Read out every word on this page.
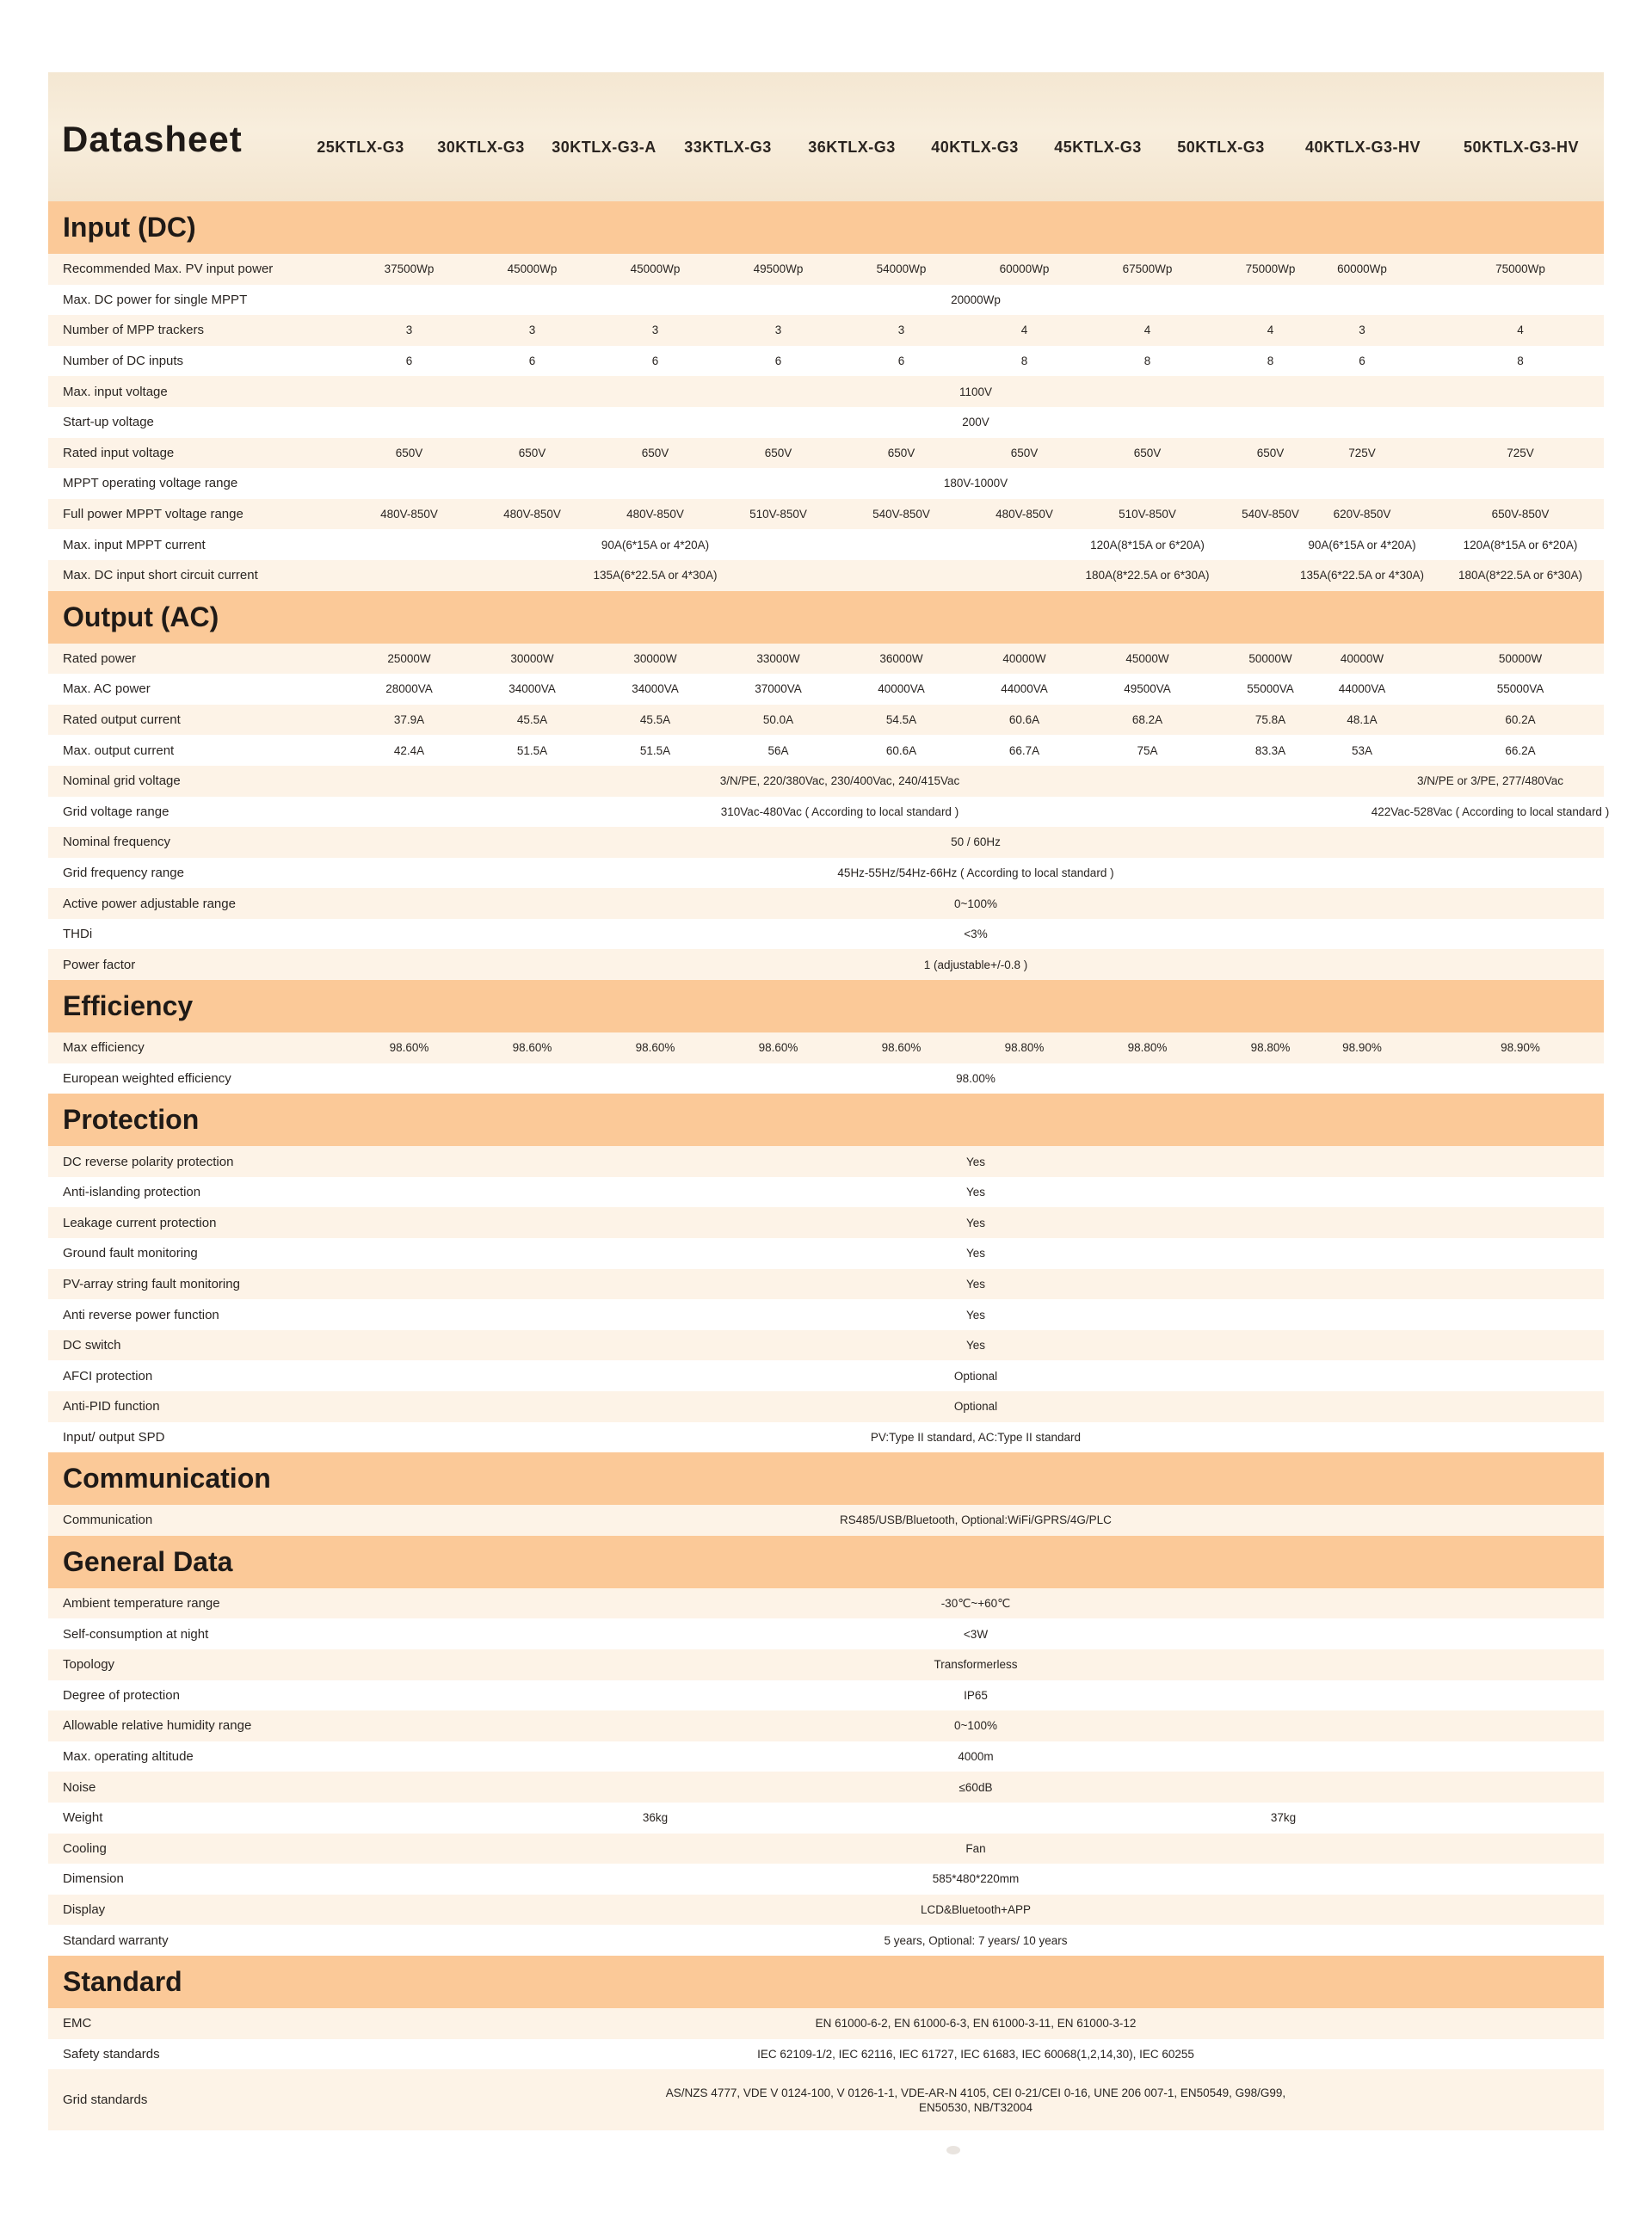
Datasheet	25KTLX-G3 30KTLX-G3 30KTLX-G3-A 33KTLX-G3 36KTLX-G3 40KTLX-G3 45KTLX-G3 50KTLX-G3	40KTLX-G3-HV	50KTLX-G3-HV
Input (DC)
Recommended Max. PV input power	37500Wp	45000Wp	45000Wp	49500Wp	54000Wp	60000Wp	67500Wp	75000Wp	60000Wp	75000Wp
Max. DC power for single MPPT	20000Wp
Number of MPP trackers	3	3	3	3	3	4	4	4	3	4
Number of DC inputs	6	6	6	6	6	8	8	8	6	8
Max. input voltage	1100V
Start-up voltage	200V
Rated input voltage	650V	650V	650V	650V	650V	650V	650V	650V	725V	725V
MPPT operating voltage range	180V-1000V
Full power MPPT voltage range	480V-850V	480V-850V	480V-850V	510V-850V	540V-850V	480V-850V	510V-850V	540V-850V	620V-850V	650V-850V
Max. input MPPT current	90A(6*15A or 4*20A)	120A(8*15A or 6*20A)	90A(6*15A or 4*20A)	120A(8*15A or 6*20A)
Max. DC input short circuit current	135A(6*22.5A or 4*30A)	180A(8*22.5A or 6*30A)	135A(6*22.5A or 4*30A)	180A(8*22.5A or 6*30A)
Output (AC)
Rated power	25000W	30000W	30000W	33000W	36000W	40000W	45000W	50000W	40000W	50000W
Max. AC power	28000VA	34000VA	34000VA	37000VA	40000VA	44000VA	49500VA	55000VA	44000VA	55000VA
Rated output current	37.9A	45.5A	45.5A	50.0A	54.5A	60.6A	68.2A	75.8A	48.1A	60.2A
Max. output current	42.4A	51.5A	51.5A	56A	60.6A	66.7A	75A	83.3A	53A	66.2A
Nominal grid voltage	3/N/PE, 220/380Vac, 230/400Vac, 240/415Vac	3/N/PE or 3/PE, 277/480Vac
Grid voltage range	310Vac-480Vac ( According to local standard )	422Vac-528Vac ( According to local standard )
Nominal frequency	50 / 60Hz
Grid frequency range	45Hz-55Hz/54Hz-66Hz ( According to local standard )
Active power adjustable range	0~100%
THDi	<3%
Power factor	1 (adjustable+/-0.8 )
Efficiency
Max efficiency	98.60%	98.60%	98.60%	98.60%	98.60%	98.80%	98.80%	98.80%	98.90%	98.90%
European weighted efficiency	98.00%
Protection
DC reverse polarity protection	Yes
Anti-islanding protection	Yes
Leakage current protection	Yes
Ground fault monitoring	Yes
PV-array string fault monitoring	Yes
Anti reverse power function	Yes
DC switch	Yes
AFCI protection	Optional
Anti-PID function	Optional
Input/ output SPD	PV:Type II standard, AC:Type II standard
Communication
Communication	RS485/USB/Bluetooth, Optional:WiFi/GPRS/4G/PLC
General Data
Ambient temperature range	-30℃~+60℃
Self-consumption at night	<3W
Topology	Transformerless
Degree of protection	IP65
Allowable relative humidity range	0~100%
Max. operating altitude	4000m
Noise	≤60dB
Weight	36kg	37kg
Cooling	Fan
Dimension	585*480*220mm
Display	LCD&Bluetooth+APP
Standard warranty	5 years, Optional: 7 years/ 10 years
Standard
EMC	EN 61000-6-2, EN 61000-6-3, EN 61000-3-11, EN 61000-3-12
Safety standards	IEC 62109-1/2, IEC 62116, IEC 61727, IEC 61683, IEC 60068(1,2,14,30), IEC 60255
Grid standards	AS/NZS 4777, VDE V 0124-100, V 0126-1-1, VDE-AR-N 4105, CEI 0-21/CEI 0-16, UNE 206 007-1, EN50549, G98/G99, EN50530, NB/T32004
